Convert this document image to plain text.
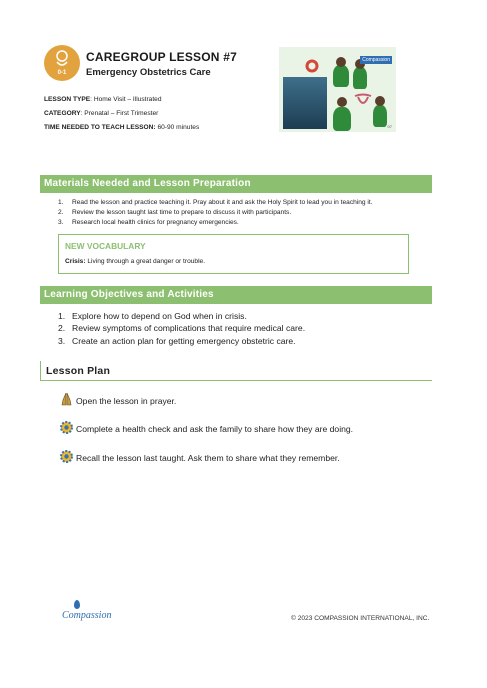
0-1
CAREGROUP LESSON #7
Emergency Obstetrics Care
Compassion
07
LESSON TYPE: Home Visit – Illustrated
CATEGORY: Prenatal – First Trimester
TIME NEEDED TO TEACH LESSON: 60-90 minutes
Materials Needed and Lesson Preparation
1. Read the lesson and practice teaching it. Pray about it and ask the Holy Spirit to lead you in teaching it.
2. Review the lesson taught last time to prepare to discuss it with participants.
3. Research local health clinics for pregnancy emergencies.
NEW VOCABULARY
Crisis: Living through a great danger or trouble.
Learning Objectives and Activities
1. Explore how to depend on God when in crisis.
2. Review symptoms of complications that require medical care.
3. Create an action plan for getting emergency obstetric care.
Lesson Plan
Open the lesson in prayer.
Complete a health check and ask the family to share how they are doing.
Recall the lesson last taught. Ask them to share what they remember.
Compassion	© 2023 COMPASSION INTERNATIONAL, INC.
